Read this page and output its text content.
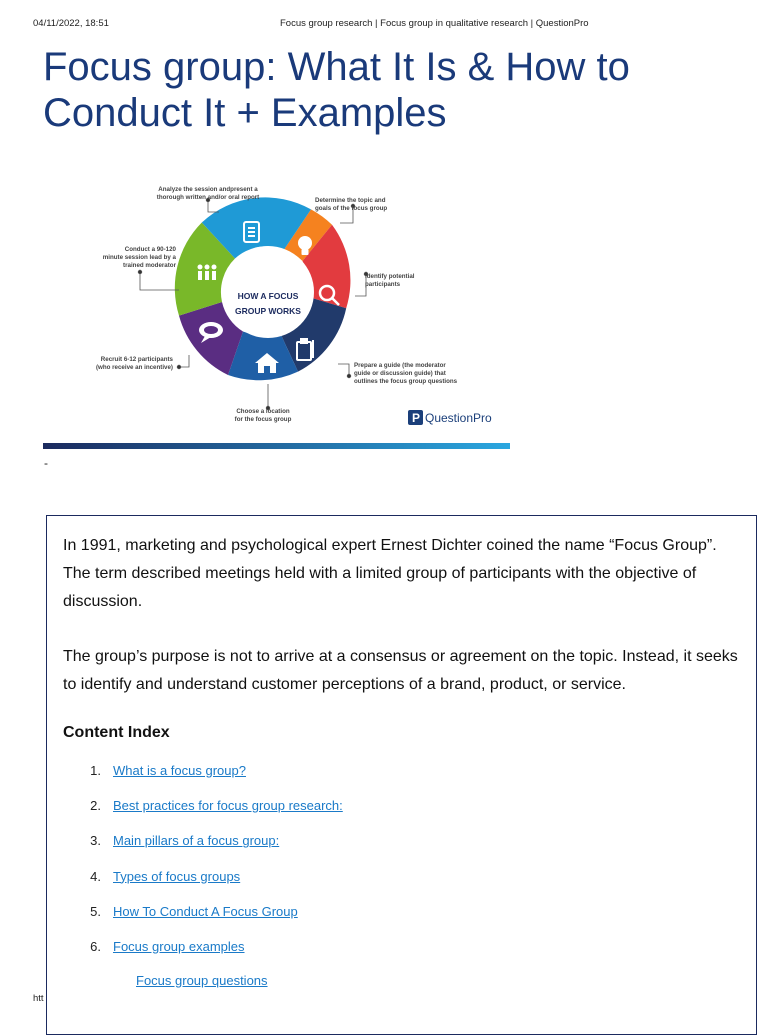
04/11/2022, 18:51	Focus group research | Focus group in qualitative research | QuestionPro
Focus group: What It Is & How to Conduct It + Examples
HOW A FOCUS
GROUP WORKS
Determine the topic and goals of the focus group
Identify potential participants
Prepare a guide (the moderator guide or discussion guide) that outlines the focus group questions
Choose a location for the focus group
Recruit 6-12 participants (who receive an incentive)
Conduct a 90-120 minute session lead by a trained moderator
Analyze the session andpresent a thorough written and/or oral report
P QuestionPro
-

In 1991, marketing and psychological expert Ernest Dichter coined the name “Focus Group”. The term described meetings held with a limited group of participants with the objective of discussion.

The group’s purpose is not to arrive at a consensus or agreement on the topic. Instead, it seeks to identify and understand customer perceptions of a brand, product, or service.

Content Index
1. What is a focus group?
2. Best practices for focus group research:
3. Main pillars of a focus group:
4. Types of focus groups
5. How To Conduct A Focus Group
6. Focus group examples
Focus group questions
htt
